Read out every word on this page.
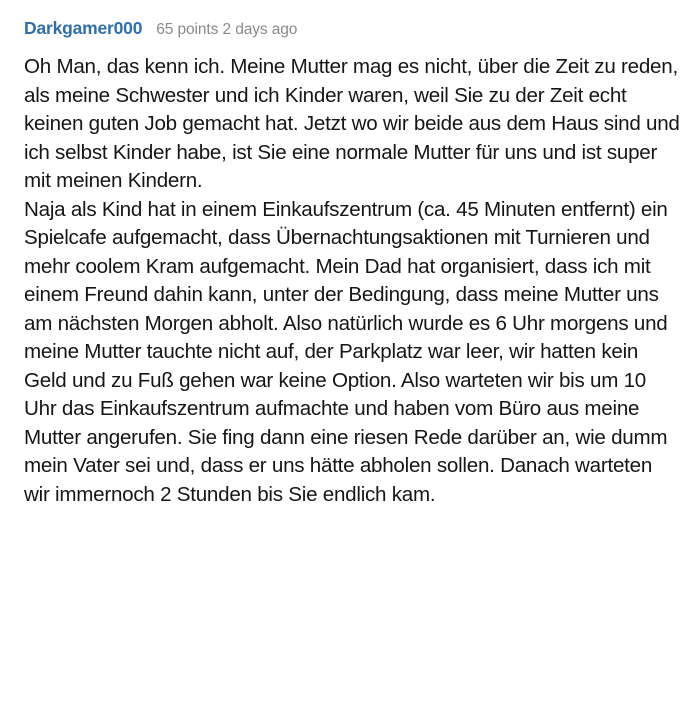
Darkgamer000 65 points 2 days ago

Oh Man, das kenn ich. Meine Mutter mag es nicht, über die Zeit zu reden, als meine Schwester und ich Kinder waren, weil Sie zu der Zeit echt keinen guten Job gemacht hat. Jetzt wo wir beide aus dem Haus sind und ich selbst Kinder habe, ist Sie eine normale Mutter für uns und ist super mit meinen Kindern.

Naja als Kind hat in einem Einkaufszentrum (ca. 45 Minuten entfernt) ein Spielcafe aufgemacht, dass Übernachtungsaktionen mit Turnieren und mehr coolem Kram aufgemacht. Mein Dad hat organisiert, dass ich mit einem Freund dahin kann, unter der Bedingung, dass meine Mutter uns am nächsten Morgen abholt. Also natürlich wurde es 6 Uhr morgens und meine Mutter tauchte nicht auf, der Parkplatz war leer, wir hatten kein Geld und zu Fuß gehen war keine Option. Also warteten wir bis um 10 Uhr das Einkaufszentrum aufmachte und haben vom Büro aus meine Mutter angerufen. Sie fing dann eine riesen Rede darüber an, wie dumm mein Vater sei und, dass er uns hätte abholen sollen. Danach warteten wir immernoch 2 Stunden bis Sie endlich kam.
